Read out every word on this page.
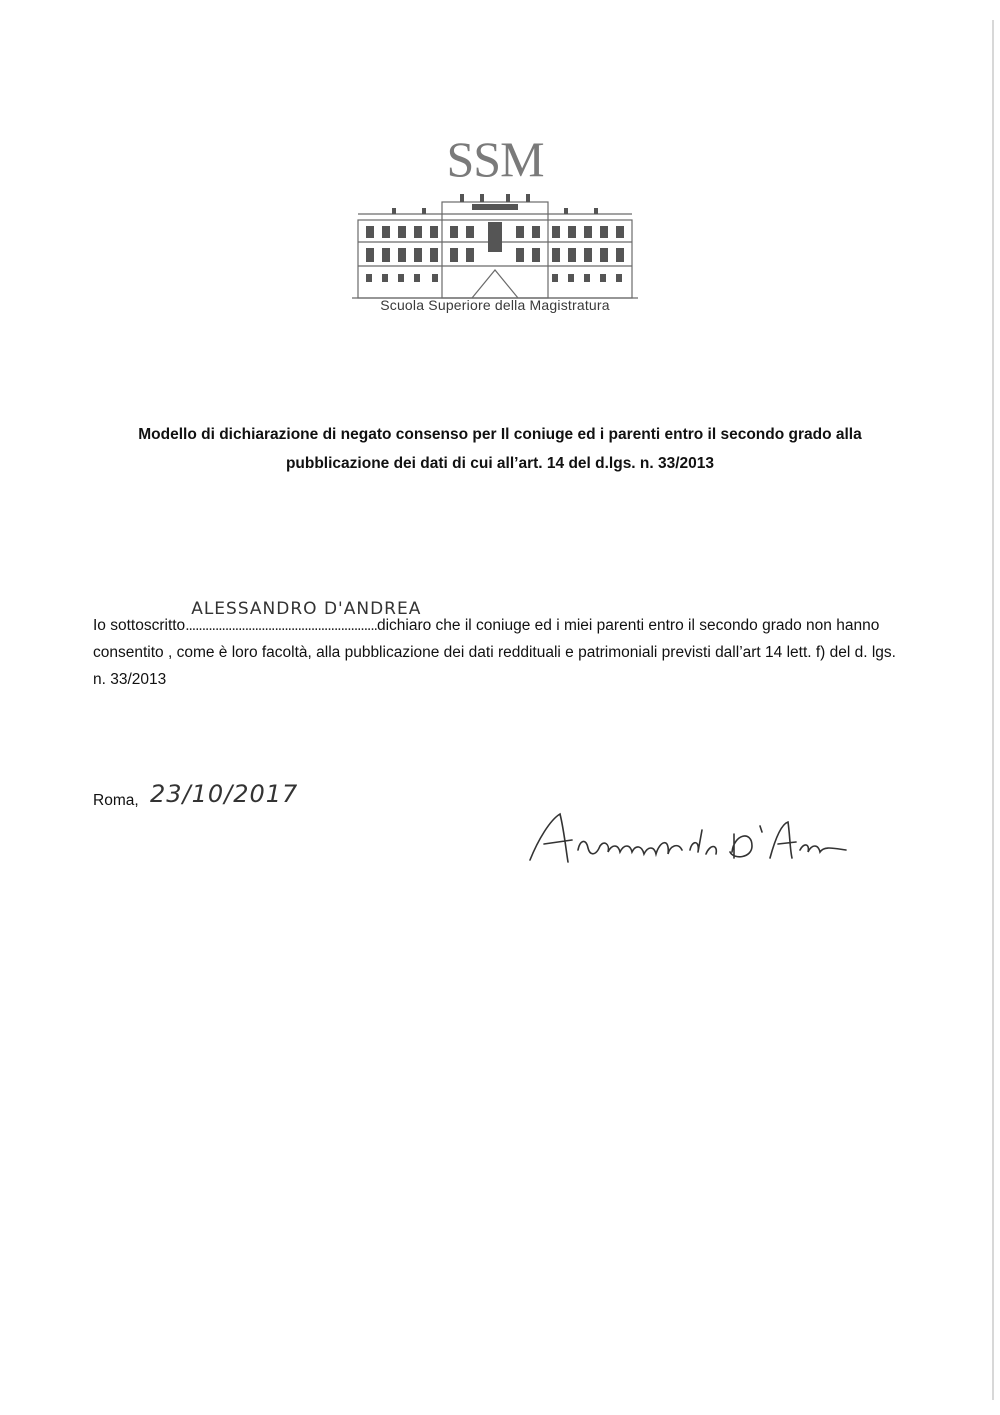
SSM
Scuola Superiore della Magistratura
Modello di dichiarazione di negato consenso per Il coniuge ed i parenti entro il secondo grado alla
pubblicazione dei dati di cui all’art. 14 del d.lgs. n. 33/2013
Io sottoscritto..........................................................
ALESSANDRO D'ANDREA
dichiaro che il coniuge ed i miei parenti entro il secondo grado non hanno consentito , come è loro facoltà, alla pubblicazione dei dati reddituali e patrimoniali previsti dall’art 14 lett. f) del d. lgs. n. 33/2013
Roma, 23/10/2017
